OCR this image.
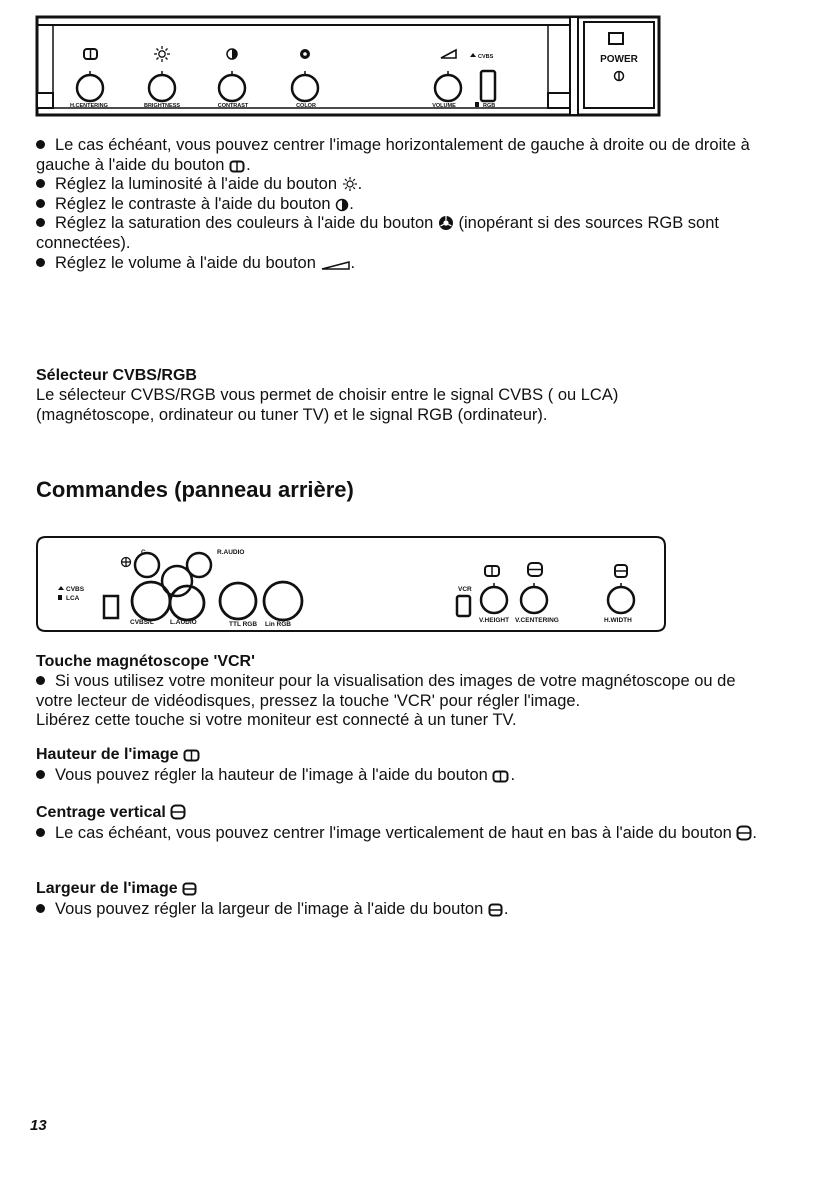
POWER
H.CENTERING	BRIGHTNESS	CONTRAST	COLOR	VOLUME
CVBS
RGB

Le cas échéant, vous pouvez centrer l'image horizontalement de gauche à droite ou de droite à gauche à l'aide du bouton .

Réglez la luminosité à l'aide du bouton .

Réglez le contraste à l'aide du bouton .

Réglez la saturation des couleurs à l'aide du bouton (inopérant si des sources RGB sont connectées).

Réglez le volume à l'aide du bouton .

Sélecteur CVBS/RGB

Le sélecteur CVBS/RGB vous permet de choisir entre le signal CVBS ( ou LCA) (magnétoscope, ordinateur ou tuner TV) et le signal RGB (ordinateur).

Commandes (panneau arrière)
C	R.AUDIO
CVBS
LCA
CVBS/L L.AUDIO	TTL RGB Lin RGB
VCR
V.HEIGHT V.CENTERING	H.WIDTH
Touche magnétoscope 'VCR'

Si vous utilisez votre moniteur pour la visualisation des images de votre magnétoscope ou de votre lecteur de vidéodisques, pressez la touche 'VCR' pour régler l'image.

Libérez cette touche si votre moniteur est connecté à un tuner TV.

Hauteur de l'image

Vous pouvez régler la hauteur de l'image à l'aide du bouton .

Centrage vertical

Le cas échéant, vous pouvez centrer l'image verticalement de haut en bas à l'aide du bouton .

Largeur de l'image

Vous pouvez régler la largeur de l'image à l'aide du bouton .

13
